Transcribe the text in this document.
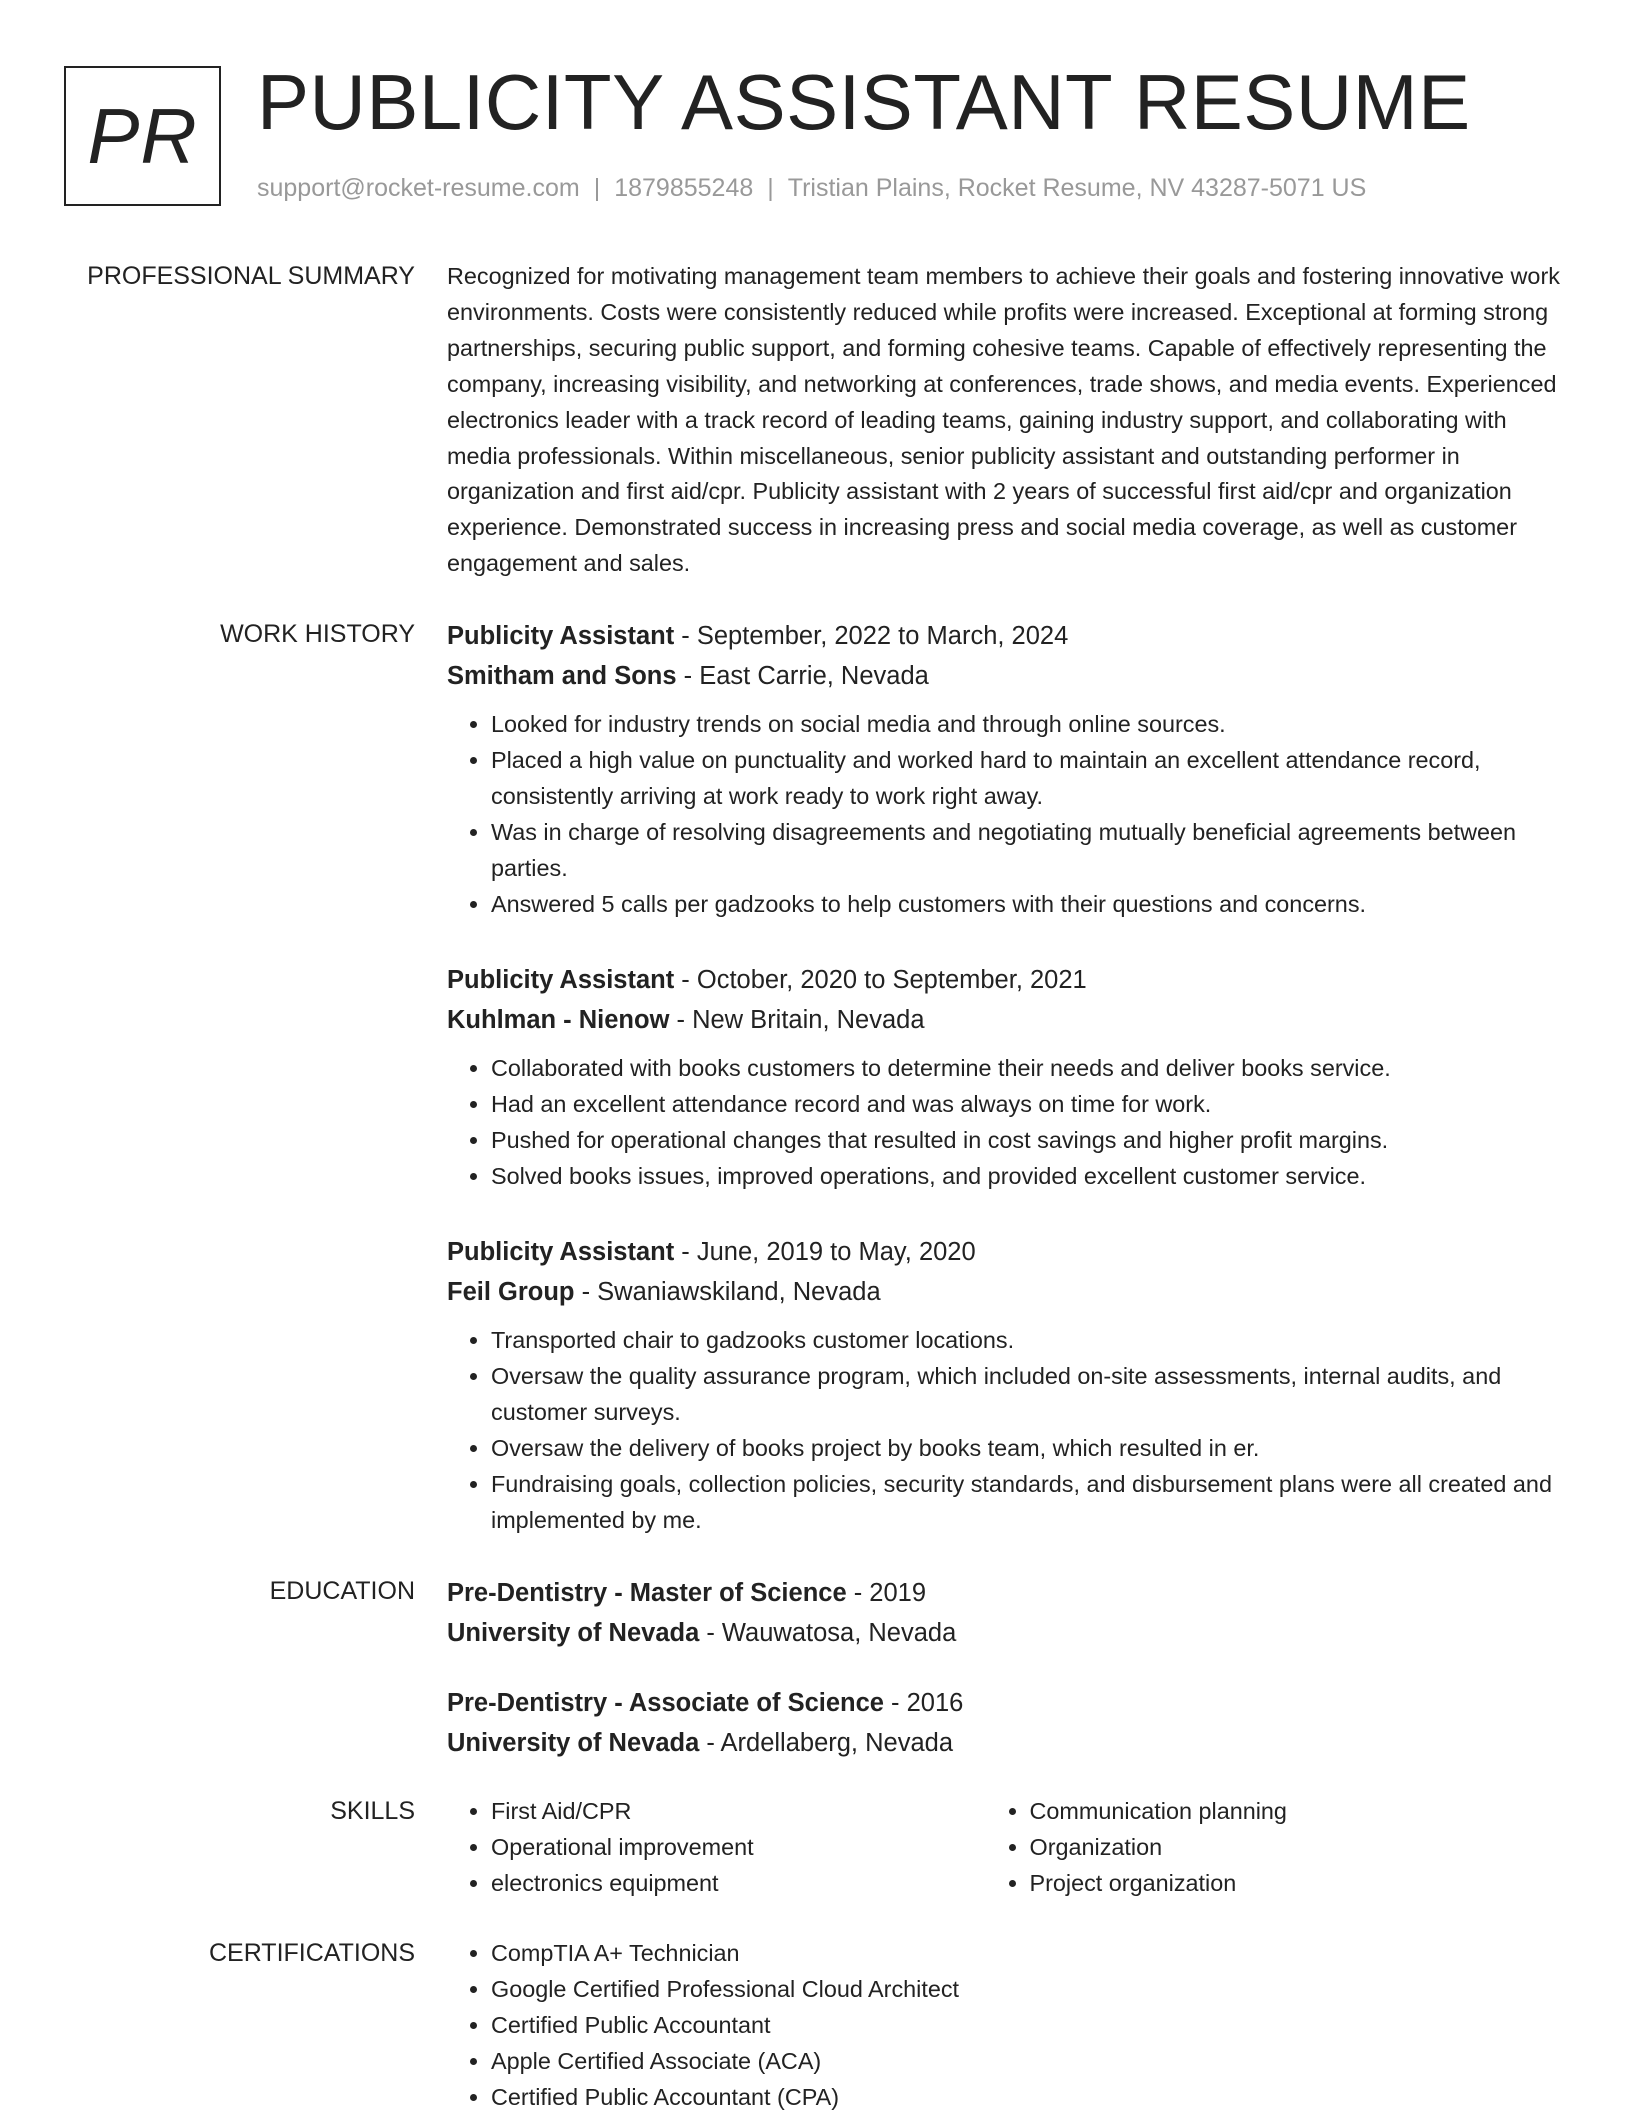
PR PUBLICITY ASSISTANT RESUME
support@rocket-resume.com | 1879855248 | Tristian Plains, Rocket Resume, NV 43287-5071 US
PROFESSIONAL SUMMARY Recognized for motivating management team members to achieve their goals and fostering innovative work environments. Costs were consistently reduced while profits were increased. Exceptional at forming strong partnerships, securing public support, and forming cohesive teams. Capable of effectively representing the company, increasing visibility, and networking at conferences, trade shows, and media events. Experienced electronics leader with a track record of leading teams, gaining industry support, and collaborating with media professionals. Within miscellaneous, senior publicity assistant and outstanding performer in organization and first aid/cpr. Publicity assistant with 2 years of successful first aid/cpr and organization experience. Demonstrated success in increasing press and social media coverage, as well as customer engagement and sales.

WORK HISTORY Publicity Assistant - September, 2022 to March, 2024
Smitham and Sons - East Carrie, Nevada
• Looked for industry trends on social media and through online sources.
• Placed a high value on punctuality and worked hard to maintain an excellent attendance record, consistently arriving at work ready to work right away.
• Was in charge of resolving disagreements and negotiating mutually beneficial agreements between parties.
• Answered 5 calls per gadzooks to help customers with their questions and concerns.
Publicity Assistant - October, 2020 to September, 2021
Kuhlman - Nienow - New Britain, Nevada
• Collaborated with books customers to determine their needs and deliver books service.
• Had an excellent attendance record and was always on time for work.
• Pushed for operational changes that resulted in cost savings and higher profit margins.
• Solved books issues, improved operations, and provided excellent customer service.
Publicity Assistant - June, 2019 to May, 2020
Feil Group - Swaniawskiland, Nevada
• Transported chair to gadzooks customer locations.
• Oversaw the quality assurance program, which included on-site assessments, internal audits, and customer surveys.
• Oversaw the delivery of books project by books team, which resulted in er.
• Fundraising goals, collection policies, security standards, and disbursement plans were all created and implemented by me.
EDUCATION Pre-Dentistry - Master of Science - 2019
University of Nevada - Wauwatosa, Nevada
Pre-Dentistry - Associate of Science - 2016
University of Nevada - Ardellaberg, Nevada
SKILLS	• First Aid/CPR
• Operational improvement
• electronics equipment
• Communication planning
• Organization
• Project organization
CERTIFICATIONS	• CompTIA A+ Technician
• Google Certified Professional Cloud Architect
• Certified Public Accountant
• Apple Certified Associate (ACA)
• Certified Public Accountant (CPA)
